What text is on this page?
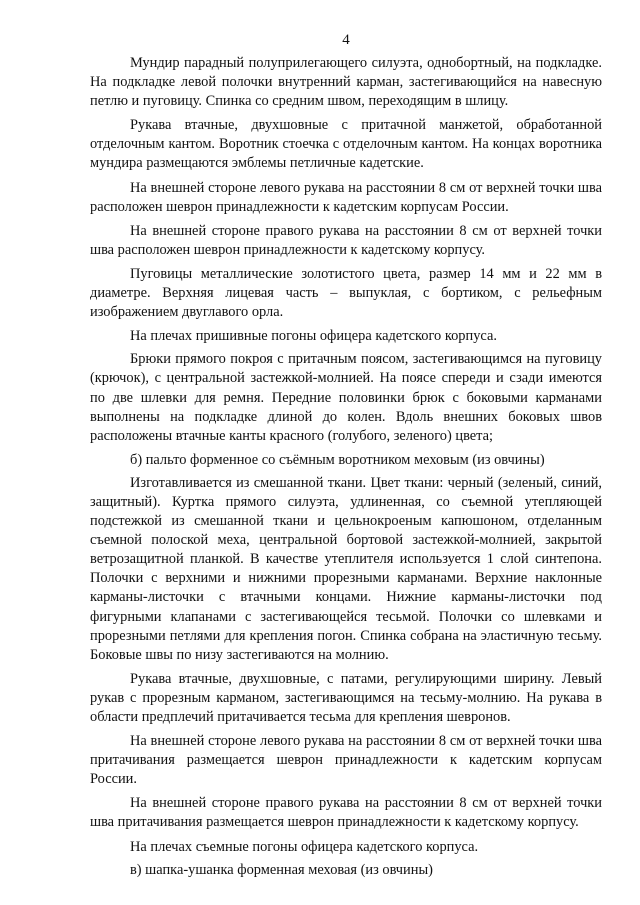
4

Мундир парадный полуприлегающего силуэта, однобортный, на подкладке. На подкладке левой полочки внутренний карман, застегивающийся на навесную петлю и пуговицу. Спинка со средним швом, переходящим в шлицу.

Рукава втачные, двухшовные с притачной манжетой, обработанной отделочным кантом. Воротник стоечка с отделочным кантом. На концах воротника мундира размещаются эмблемы петличные кадетские.

На внешней стороне левого рукава на расстоянии 8 см от верхней точки шва расположен шеврон принадлежности к кадетским корпусам России.

На внешней стороне правого рукава на расстоянии 8 см от верхней точки шва расположен шеврон принадлежности к кадетскому корпусу.

Пуговицы металлические золотистого цвета, размер 14 мм и 22 мм в диаметре. Верхняя лицевая часть – выпуклая, с бортиком, с рельефным изображением двуглавого орла.

На плечах пришивные погоны офицера кадетского корпуса.

Брюки прямого покроя с притачным поясом, застегивающимся на пуговицу (крючок), с центральной застежкой-молнией. На поясе спереди и сзади имеются по две шлевки для ремня. Передние половинки брюк с боковыми карманами выполнены на подкладке длиной до колен. Вдоль внешних боковых швов расположены втачные канты красного (голубого, зеленого) цвета;

б) пальто форменное со съёмным воротником меховым (из овчины)

Изготавливается из смешанной ткани. Цвет ткани: черный (зеленый, синий, защитный). Куртка прямого силуэта, удлиненная, со съемной утепляющей подстежкой из смешанной ткани и цельнокроеным капюшоном, отделанным съемной полоской меха, центральной бортовой застежкой-молнией, закрытой ветрозащитной планкой. В качестве утеплителя используется 1 слой синтепона. Полочки с верхними и нижними прорезными карманами. Верхние наклонные карманы-листочки с втачными концами. Нижние карманы-листочки под фигурными клапанами с застегивающейся тесьмой. Полочки со шлевками и прорезными петлями для крепления погон. Спинка собрана на эластичную тесьму. Боковые швы по низу застегиваются на молнию.

Рукава втачные, двухшовные, с патами, регулирующими ширину. Левый рукав с прорезным карманом, застегивающимся на тесьму-молнию. На рукава в области предплечий притачивается тесьма для крепления шевронов.

На внешней стороне левого рукава на расстоянии 8 см от верхней точки шва притачивания размещается шеврон принадлежности к кадетским корпусам России.

На внешней стороне правого рукава на расстоянии 8 см от верхней точки шва притачивания размещается шеврон принадлежности к кадетскому корпусу.

На плечах съемные погоны офицера кадетского корпуса.

в) шапка-ушанка форменная меховая (из овчины)
